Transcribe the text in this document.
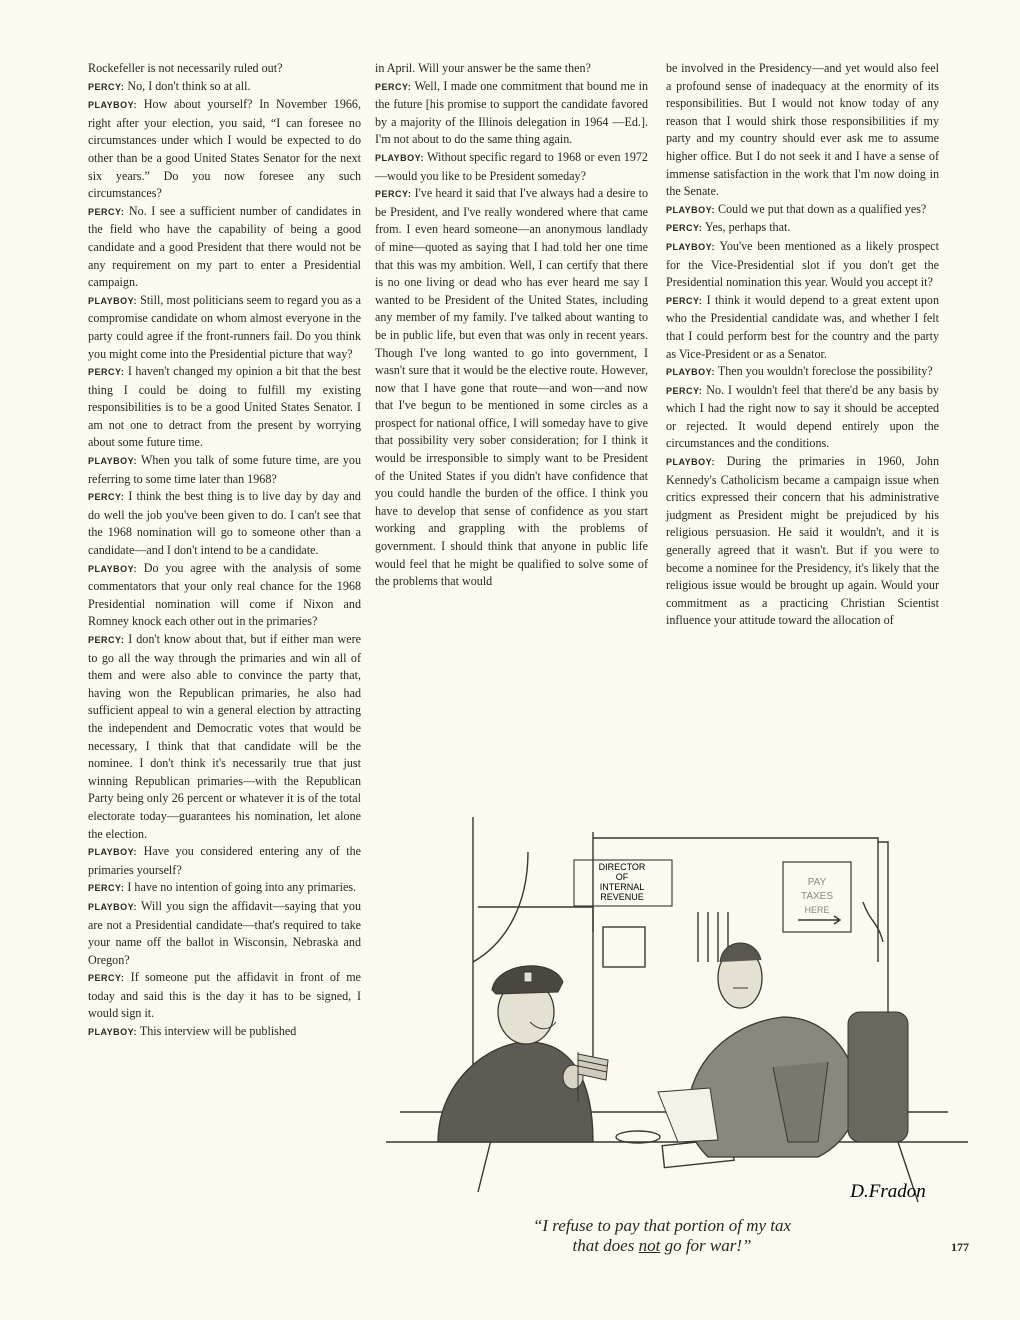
Rockefeller is not necessarily ruled out?

PERCY: No, I don't think so at all.

PLAYBOY: How about yourself? In November 1966, right after your election, you said, “I can foresee no circumstances under which I would be expected to do other than be a good United States Senator for the next six years.” Do you now foresee any such circumstances?

PERCY: No. I see a sufficient number of candidates in the field who have the capability of being a good candidate and a good President that there would not be any requirement on my part to enter a Presidential campaign.

PLAYBOY: Still, most politicians seem to regard you as a compromise candidate on whom almost everyone in the party could agree if the front-runners fail. Do you think you might come into the Presidential picture that way?

PERCY: I haven't changed my opinion a bit that the best thing I could be doing to fulfill my existing responsibilities is to be a good United States Senator. I am not one to detract from the present by worrying about some future time.

PLAYBOY: When you talk of some future time, are you referring to some time later than 1968?

PERCY: I think the best thing is to live day by day and do well the job you've been given to do. I can't see that the 1968 nomination will go to someone other than a candidate—and I don't intend to be a candidate.

PLAYBOY: Do you agree with the analysis of some commentators that your only real chance for the 1968 Presidential nomination will come if Nixon and Romney knock each other out in the primaries?

PERCY: I don't know about that, but if either man were to go all the way through the primaries and win all of them and were also able to convince the party that, having won the Republican primaries, he also had sufficient appeal to win a general election by attracting the independent and Democratic votes that would be necessary, I think that that candidate will be the nominee. I don't think it's necessarily true that just winning Republican primaries—with the Republican Party being only 26 percent or whatever it is of the total electorate today—guarantees his nomination, let alone the election.

PLAYBOY: Have you considered entering any of the primaries yourself?

PERCY: I have no intention of going into any primaries.

PLAYBOY: Will you sign the affidavit—saying that you are not a Presidential candidate—that's required to take your name off the ballot in Wisconsin, Nebraska and Oregon?

PERCY: If someone put the affidavit in front of me today and said this is the day it has to be signed, I would sign it.

PLAYBOY: This interview will be published

in April. Will your answer be the same then?

PERCY: Well, I made one commitment that bound me in the future [his promise to support the candidate favored by a majority of the Illinois delegation in 1964 —Ed.]. I'm not about to do the same thing again.

PLAYBOY: Without specific regard to 1968 or even 1972—would you like to be President someday?

PERCY: I've heard it said that I've always had a desire to be President, and I've really wondered where that came from. I even heard someone—an anonymous landlady of mine—quoted as saying that I had told her one time that this was my ambition. Well, I can certify that there is no one living or dead who has ever heard me say I wanted to be President of the United States, including any member of my family. I've talked about wanting to be in public life, but even that was only in recent years. Though I've long wanted to go into government, I wasn't sure that it would be the elective route. However, now that I have gone that route—and won—and now that I've begun to be mentioned in some circles as a prospect for national office, I will someday have to give that possibility very sober consideration; for I think it would be irresponsible to simply want to be President of the United States if you didn't have confidence that you could handle the burden of the office. I think you have to develop that sense of confidence as you start working and grappling with the problems of government. I should think that anyone in public life would feel that he might be qualified to solve some of the problems that would

be involved in the Presidency—and yet would also feel a profound sense of inadequacy at the enormity of its responsibilities. But I would not know today of any reason that I would shirk those responsibilities if my party and my country should ever ask me to assume higher office. But I do not seek it and I have a sense of immense satisfaction in the work that I'm now doing in the Senate.

PLAYBOY: Could we put that down as a qualified yes?

PERCY: Yes, perhaps that.

PLAYBOY: You've been mentioned as a likely prospect for the Vice-Presidential slot if you don't get the Presidential nomination this year. Would you accept it?

PERCY: I think it would depend to a great extent upon who the Presidential candidate was, and whether I felt that I could perform best for the country and the party as Vice-President or as a Senator.

PLAYBOY: Then you wouldn't foreclose the possibility?

PERCY: No. I wouldn't feel that there'd be any basis by which I had the right now to say it should be accepted or rejected. It would depend entirely upon the circumstances and the conditions.

PLAYBOY: During the primaries in 1960, John Kennedy's Catholicism became a campaign issue when critics expressed their concern that his administrative judgment as President might be prejudiced by his religious persuasion. He said it wouldn't, and it is generally agreed that it wasn't. But if you were to become a nominee for the Presidency, it's likely that the religious issue would be brought up again. Would your commitment as a practicing Christian Scientist influence your attitude toward the allocation of

DIRECTOR
OF
INTERNAL
REVENUE
PAY
TAXES
HERE
D.Fradon
“I refuse to pay that portion of my tax
that does not go for war!”	177
